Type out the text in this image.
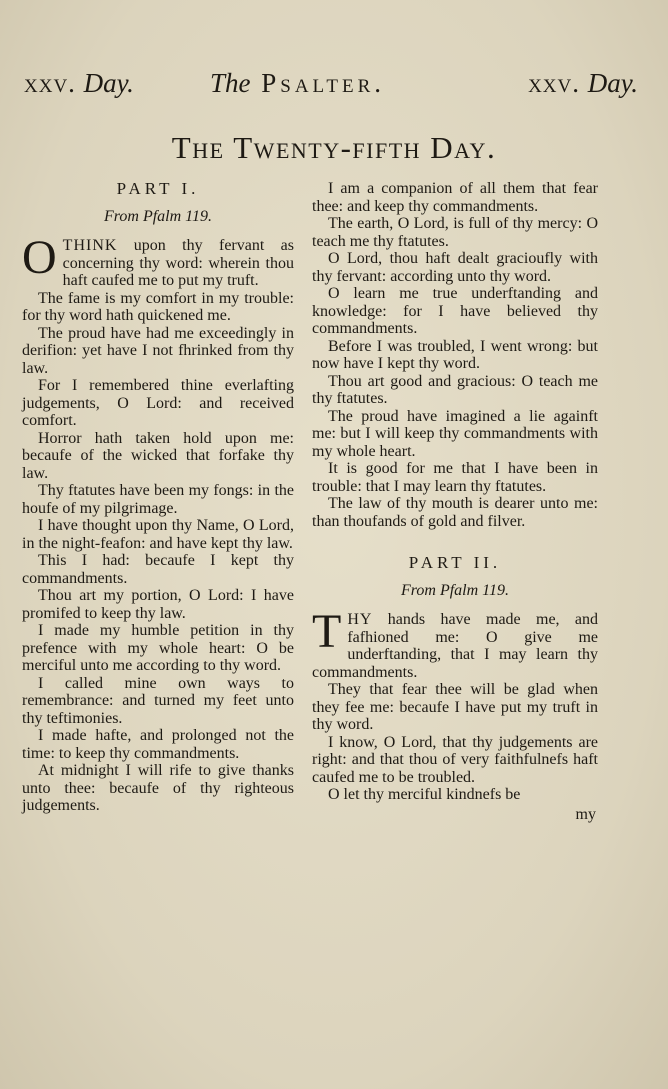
xxv. Day.	The Psalter.	xxv. Day.
The Twenty-fifth Day.
PART I.
From Pfalm 119.

OTHINK upon thy fervant as concerning thy word: wherein thou haft caufed me to put my truft.

The fame is my comfort in my trouble: for thy word hath quickened me.

The proud have had me exceedingly in derifion: yet have I not fhrinked from thy law.

For I remembered thine everlafting judgements, O Lord: and received comfort.

Horror hath taken hold upon me: becaufe of the wicked that forfake thy law.

Thy ftatutes have been my fongs: in the houfe of my pilgrimage.

I have thought upon thy Name, O Lord, in the night-feafon: and have kept thy law.

This I had: becaufe I kept thy commandments.

Thou art my portion, O Lord: I have promifed to keep thy law.

I made my humble petition in thy prefence with my whole heart: O be merciful unto me according to thy word.

I called mine own ways to remembrance: and turned my feet unto thy teftimonies.

I made hafte, and prolonged not the time: to keep thy commandments.

At midnight I will rife to give thanks unto thee: becaufe of thy righteous judgements.

I am a companion of all them that fear thee: and keep thy commandments.

The earth, O Lord, is full of thy mercy: O teach me thy ftatutes.

O Lord, thou haft dealt gracioufly with thy fervant: according unto thy word.

O learn me true underftanding and knowledge: for I have believed thy commandments.

Before I was troubled, I went wrong: but now have I kept thy word.

Thou art good and gracious: O teach me thy ftatutes.

The proud have imagined a lie againft me: but I will keep thy commandments with my whole heart.

It is good for me that I have been in trouble: that I may learn thy ftatutes.

The law of thy mouth is dearer unto me: than thoufands of gold and filver.

PART II.
From Pfalm 119.

THY hands have made me, and fafhioned me: O give me underftanding, that I may learn thy commandments.

They that fear thee will be glad when they fee me: becaufe I have put my truft in thy word.

I know, O Lord, that thy judgements are right: and that thou of very faithfulnefs haft caufed me to be troubled.

O let thy merciful kindnefs be

my
